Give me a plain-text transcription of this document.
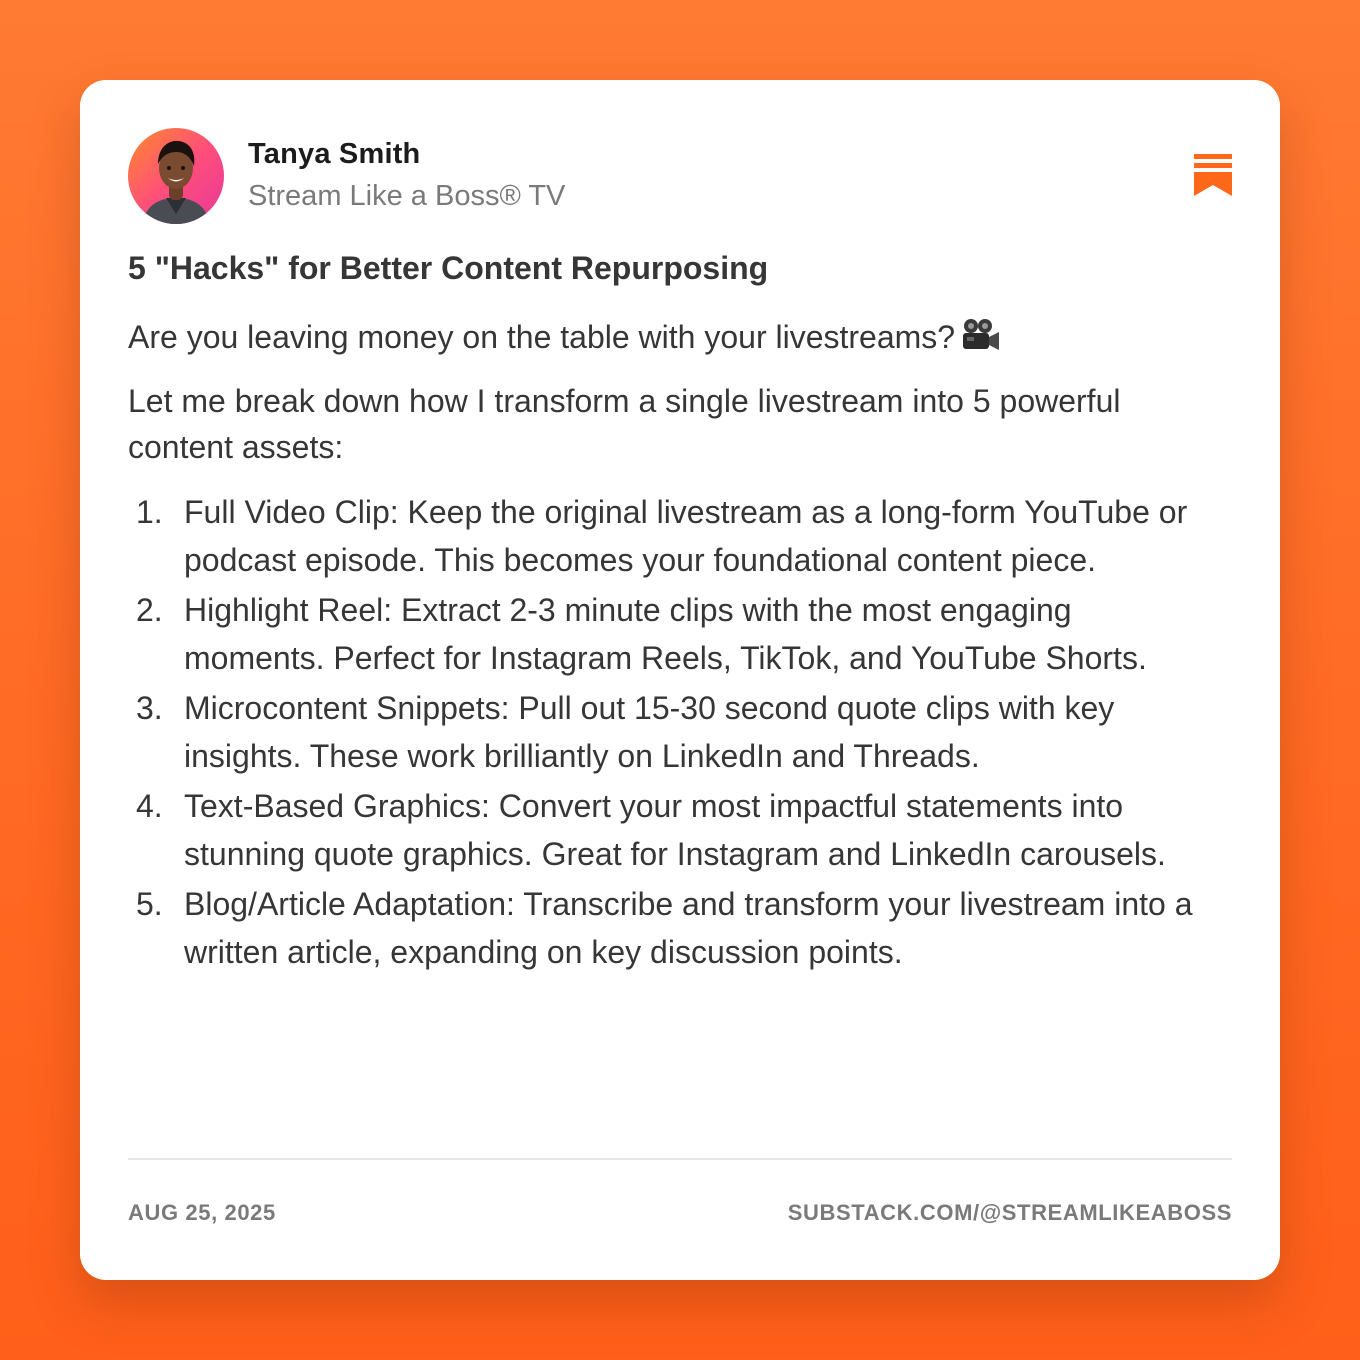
Tanya Smith
Stream Like a Boss® TV
5 "Hacks" for Better Content Repurposing

Are you leaving money on the table with your livestreams?

Let me break down how I transform a single livestream into 5 powerful content assets:

1. Full Video Clip: Keep the original livestream as a long-form YouTube or podcast episode. This becomes your foundational content piece.
2. Highlight Reel: Extract 2-3 minute clips with the most engaging moments. Perfect for Instagram Reels, TikTok, and YouTube Shorts.
3. Microcontent Snippets: Pull out 15-30 second quote clips with key insights. These work brilliantly on LinkedIn and Threads.
4. Text-Based Graphics: Convert your most impactful statements into stunning quote graphics. Great for Instagram and LinkedIn carousels.
5. Blog/Article Adaptation: Transcribe and transform your livestream into a written article, expanding on key discussion points.
AUG 25, 2025	SUBSTACK.COM/@STREAMLIKEABOSS
